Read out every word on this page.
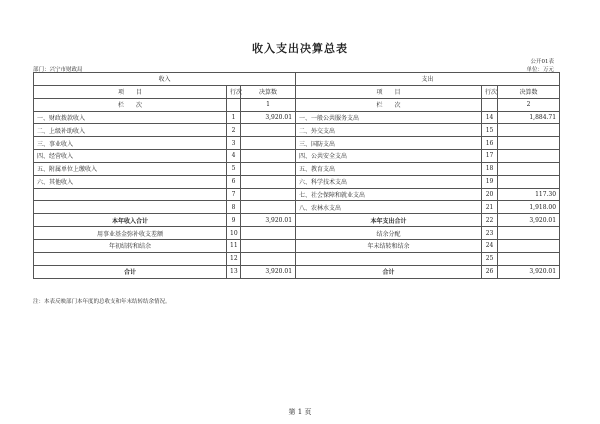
收入支出决算总表
公开01表
部门：兴宁市财政局	单位：万元
收入			支出		
项　　目	行次	决算数	项　　目	行次	决算数
栏　　次		1	栏　　次		2
一、财政拨款收入	1	3,920.01	一、一般公共服务支出	14	1,884.71
二、上级补助收入	2		二、外交支出	15	
三、事业收入	3		三、国防支出	16	
四、经营收入	4		四、公共安全支出	17	
五、附属单位上缴收入	5		五、教育支出	18	
六、其他收入	6		六、科学技术支出	19	
	7		七、社会保障和就业支出	20	117.30
	8		八、农林水支出	21	1,918.00
本年收入合计	9	3,920.01	本年支出合计	22	3,920.01
用事业基金弥补收支差额	10		结余分配	23	
年初结转和结余	11		年末结转和结余	24	
	12			25	
合计	13	3,920.01	合计	26	3,920.01
注：本表反映部门本年度的总收支和年末结转结余情况。
第 1 页
